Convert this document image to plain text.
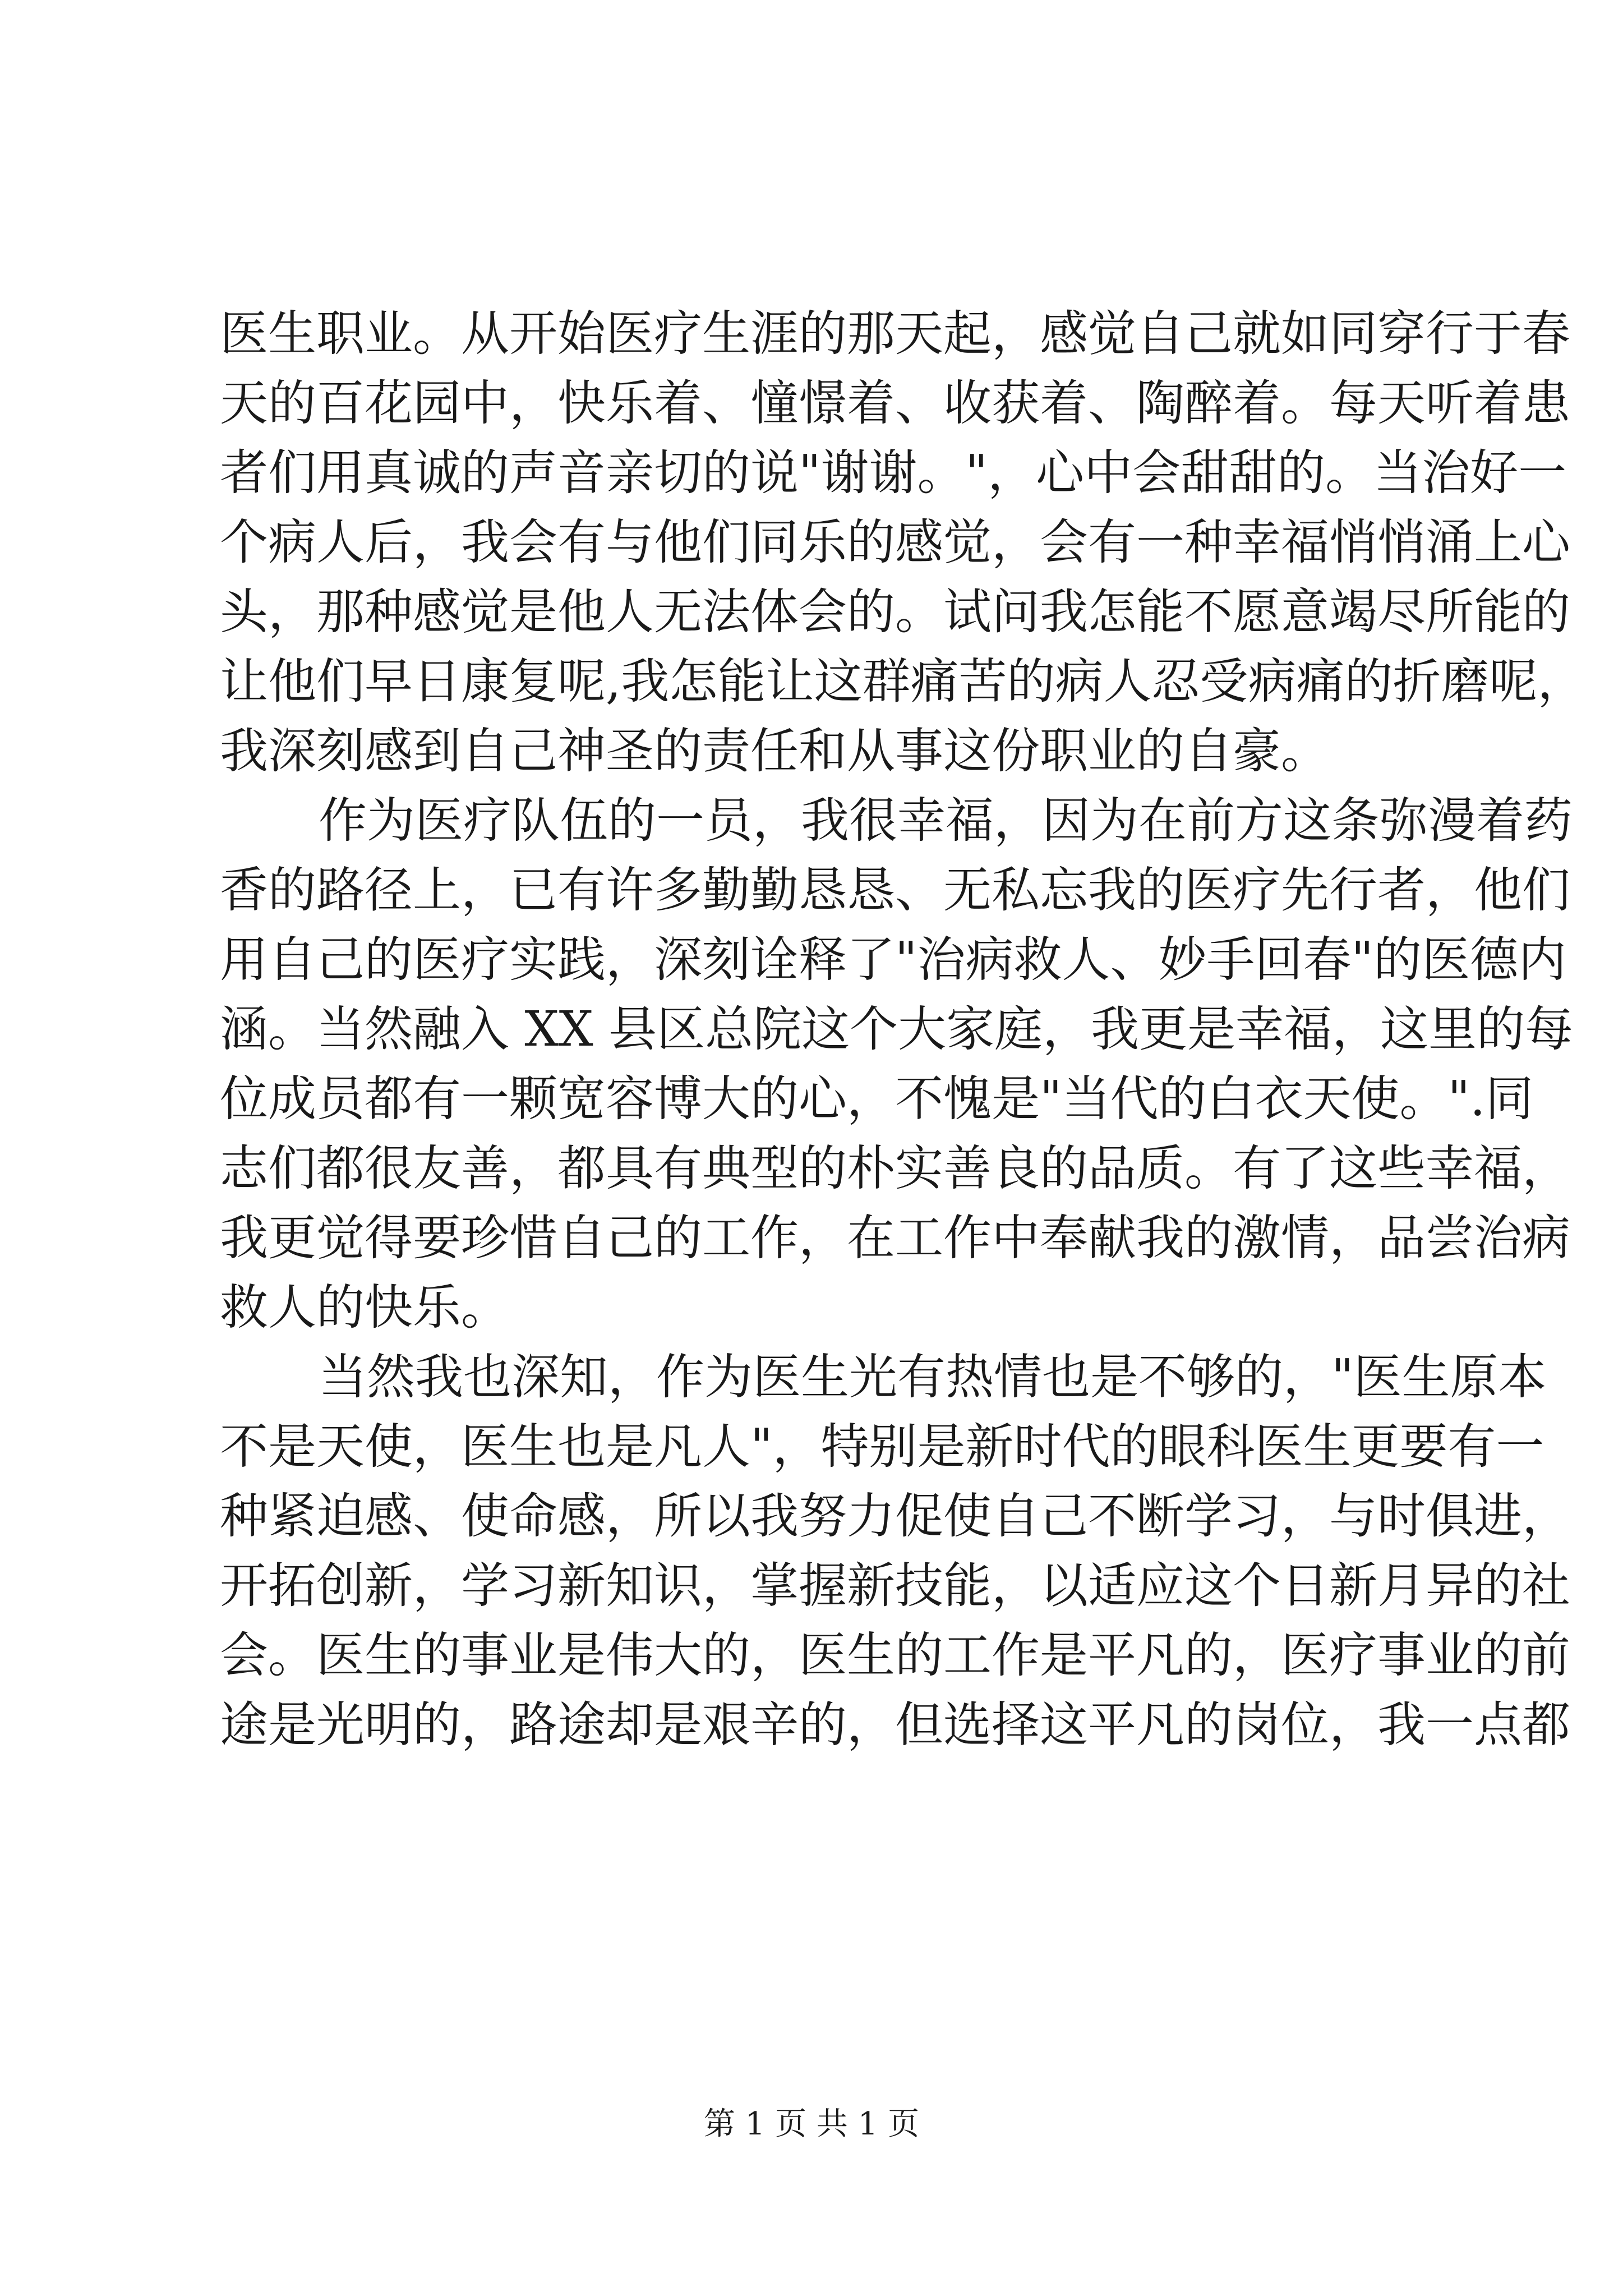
医生职业。从开始医疗生涯的那天起，感觉自己就如同穿行于春

天的百花园中，快乐着、憧憬着、收获着、陶醉着。每天听着患

者们用真诚的声音亲切的说"谢谢。"，心中会甜甜的。当治好一

个病人后，我会有与他们同乐的感觉，会有一种幸福悄悄涌上心

头，那种感觉是他人无法体会的。试问我怎能不愿意竭尽所能的

让他们早日康复呢,我怎能让这群痛苦的病人忍受病痛的折磨呢，

我深刻感到自己神圣的责任和从事这份职业的自豪。

作为医疗队伍的一员，我很幸福，因为在前方这条弥漫着药

香的路径上，已有许多勤勤恳恳、无私忘我的医疗先行者，他们

用自己的医疗实践，深刻诠释了"治病救人、妙手回春"的医德内

涵。当然融入 XX 县区总院这个大家庭，我更是幸福，这里的每

位成员都有一颗宽容博大的心，不愧是"当代的白衣天使。".同

志们都很友善，都具有典型的朴实善良的品质。有了这些幸福，

我更觉得要珍惜自己的工作，在工作中奉献我的激情，品尝治病

救人的快乐。

当然我也深知，作为医生光有热情也是不够的，"医生原本

不是天使，医生也是凡人"，特别是新时代的眼科医生更要有一

种紧迫感、使命感，所以我努力促使自己不断学习，与时俱进，

开拓创新，学习新知识，掌握新技能，以适应这个日新月异的社

会。医生的事业是伟大的，医生的工作是平凡的，医疗事业的前

途是光明的，路途却是艰辛的，但选择这平凡的岗位，我一点都

第 1 页 共 1 页
